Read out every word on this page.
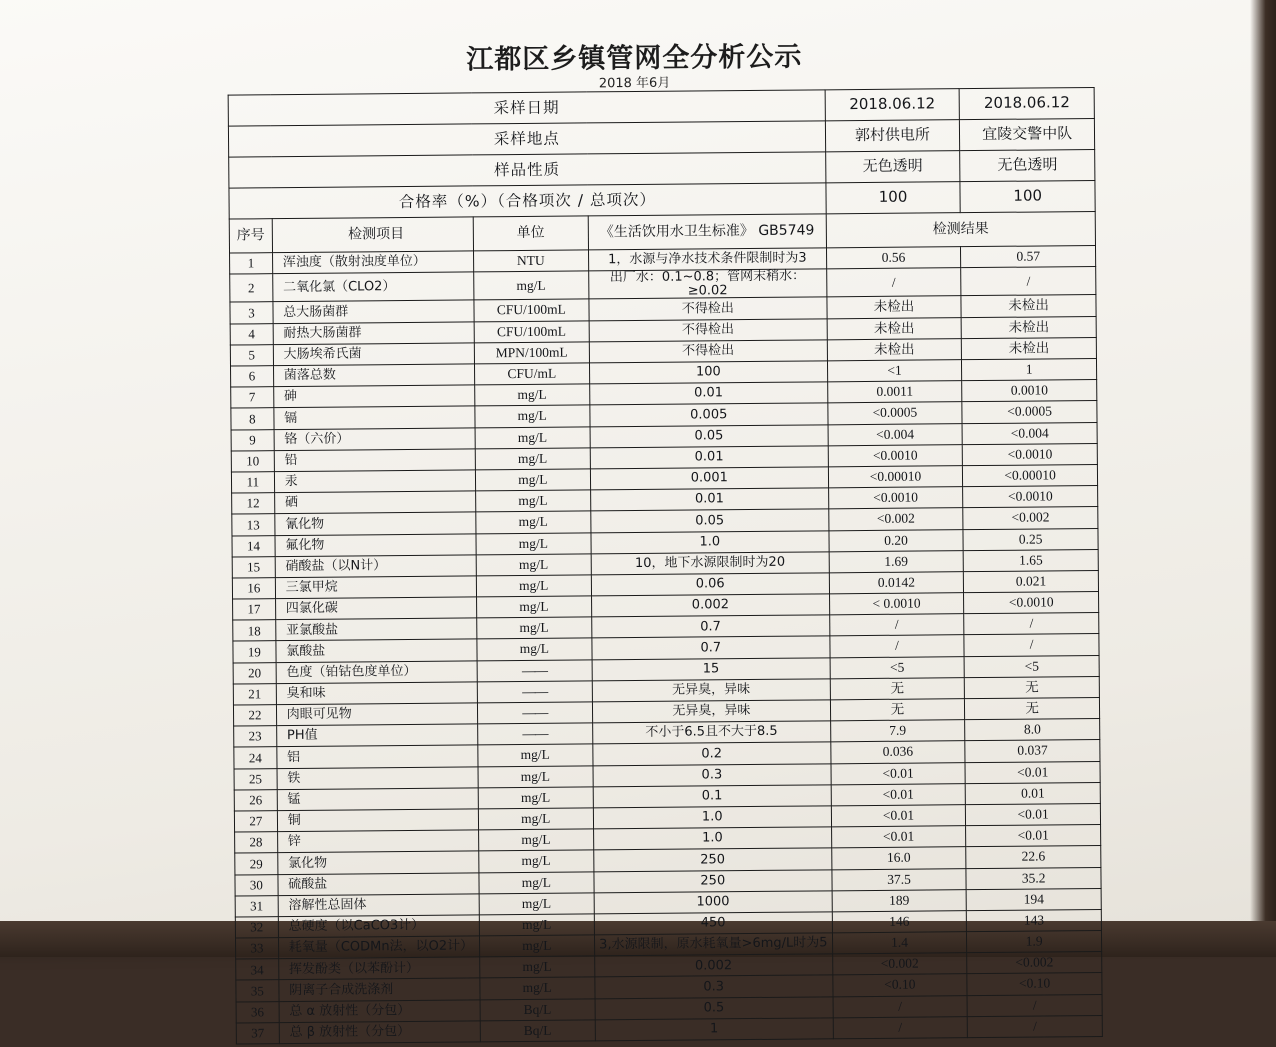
江都区乡镇管网全分析公示
2018 年6月
采样日期				2018.06.12	2018.06.12
采样地点				郭村供电所	宜陵交警中队
样品性质				无色透明	无色透明
合格率（%）（合格项次 / 总项次）				100	100
序号	检测项目	单位	《生活饮用水卫生标准》 GB5749	检测结果	
1	浑浊度（散射浊度单位）	NTU	1，水源与净水技术条件限制时为3	0.56	0.57
2	二氧化氯（CLO2）	mg/L	出厂水：0.1~0.8；管网末稍水：≥0.02	/	/
3	总大肠菌群	CFU/100mL	不得检出	未检出	未检出
4	耐热大肠菌群	CFU/100mL	不得检出	未检出	未检出
5	大肠埃希氏菌	MPN/100mL	不得检出	未检出	未检出
6	菌落总数	CFU/mL	100	<1	1
7	砷	mg/L	0.01	0.0011	0.0010
8	镉	mg/L	0.005	<0.0005	<0.0005
9	铬（六价）	mg/L	0.05	<0.004	<0.004
10	铅	mg/L	0.01	<0.0010	<0.0010
11	汞	mg/L	0.001	<0.00010	<0.00010
12	硒	mg/L	0.01	<0.0010	<0.0010
13	氰化物	mg/L	0.05	<0.002	<0.002
14	氟化物	mg/L	1.0	0.20	0.25
15	硝酸盐（以N计）	mg/L	10，地下水源限制时为20	1.69	1.65
16	三氯甲烷	mg/L	0.06	0.0142	0.021
17	四氯化碳	mg/L	0.002	< 0.0010	<0.0010
18	亚氯酸盐	mg/L	0.7	/	/
19	氯酸盐	mg/L	0.7	/	/
20	色度（铂钴色度单位）	——	15	<5	<5
21	臭和味	——	无异臭，异味	无	无
22	肉眼可见物	——	无异臭，异味	无	无
23	PH值	——	不小于6.5且不大于8.5	7.9	8.0
24	铝	mg/L	0.2	0.036	0.037
25	铁	mg/L	0.3	<0.01	<0.01
26	锰	mg/L	0.1	<0.01	0.01
27	铜	mg/L	1.0	<0.01	<0.01
28	锌	mg/L	1.0	<0.01	<0.01
29	氯化物	mg/L	250	16.0	22.6
30	硫酸盐	mg/L	250	37.5	35.2
31	溶解性总固体	mg/L	1000	189	194
32	总硬度（以CaCO3计）	mg/L	450	146	143
33	耗氧量（CODMn法，以O2计）	mg/L	3,水源限制，原水耗氧量>6mg/L时为5	1.4	1.9
34	挥发酚类（以苯酚计）	mg/L	0.002	<0.002	<0.002
35	阴离子合成洗涤剂	mg/L	0.3	<0.10	<0.10
36	总 α 放射性（分包）	Bq/L	0.5	/	/
37	总 β 放射性（分包）	Bq/L	1	/	/
